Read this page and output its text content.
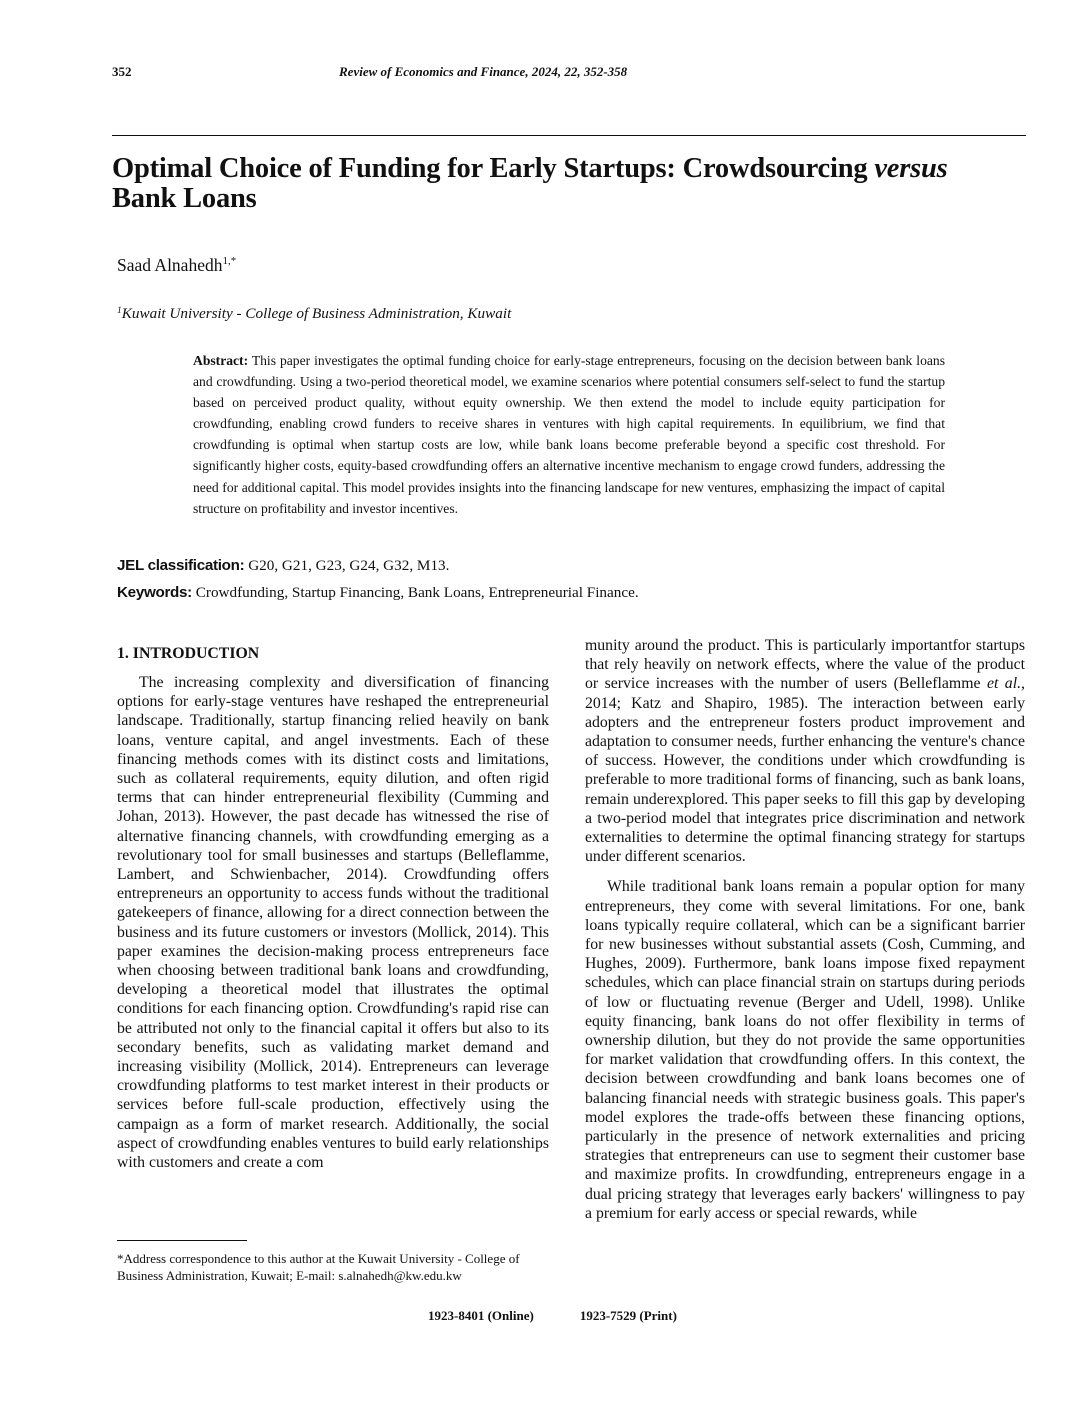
352	Review of Economics and Finance, 2024, 22, 352-358
Optimal Choice of Funding for Early Startups: Crowdsourcing versus
Bank Loans
Saad Alnahedh$^{1,*}$
$^1$Kuwait University - College of Business Administration, Kuwait
Abstract: This paper investigates the optimal funding choice for early-stage entrepreneurs, focusing on the decision between bank loans and crowdfunding. Using a two-period theoretical model, we examine scenarios where potential consumers self-select to fund the startup based on perceived product quality, without equity ownership. We then extend the model to include equity participation for crowdfunding, enabling crowd funders to receive shares in ventures with high capital requirements. In equilibrium, we find that crowdfunding is optimal when startup costs are low, while bank loans become preferable beyond a specific cost threshold. For significantly higher costs, equity-based crowdfunding offers an alternative incentive mechanism to engage crowd funders, addressing the need for additional capital. This model provides insights into the financing landscape for new ventures, emphasizing the impact of capital structure on profitability and investor incentives.
JEL classification: G20, G21, G23, G24, G32, M13.
Keywords: Crowdfunding, Startup Financing, Bank Loans, Entrepreneurial Finance.
1. INTRODUCTION

The increasing complexity and diversification of financing options for early-stage ventures have reshaped the entrepreneurial landscape. Traditionally, startup financing relied heavily on bank loans, venture capital, and angel investments. Each of these financing methods comes with its distinct costs and limitations, such as collateral requirements, equity dilution, and often rigid terms that can hinder entrepreneurial flexibility (Cumming and Johan, 2013). However, the past decade has witnessed the rise of alternative financing channels, with crowdfunding emerging as a revolutionary tool for small businesses and startups (Belleflamme, Lambert, and Schwienbacher, 2014). Crowdfunding offers entrepreneurs an opportunity to access funds without the traditional gatekeepers of finance, allowing for a direct connection between the business and its future customers or investors (Mollick, 2014). This paper examines the decision-making process entrepreneurs face when choosing between traditional bank loans and crowdfunding, developing a theoretical model that illustrates the optimal conditions for each financing option. Crowdfunding's rapid rise can be attributed not only to the financial capital it offers but also to its secondary benefits, such as validating market demand and increasing visibility (Mollick, 2014). Entrepreneurs can leverage crowdfunding platforms to test market interest in their products or services before full-scale production, effectively using the campaign as a form of market research. Additionally, the social aspect of crowdfunding enables ventures to build early relationships with customers and create a com

munity around the product. This is particularly importantfor startups that rely heavily on network effects, where the value of the product or service increases with the number of users (Belleflamme et al., 2014; Katz and Shapiro, 1985). The interaction between early adopters and the entrepreneur fosters product improvement and adaptation to consumer needs, further enhancing the venture's chance of success. However, the conditions under which crowdfunding is preferable to more traditional forms of financing, such as bank loans, remain underexplored. This paper seeks to fill this gap by developing a two-period model that integrates price discrimination and network externalities to determine the optimal financing strategy for startups under different scenarios.

While traditional bank loans remain a popular option for many entrepreneurs, they come with several limitations. For one, bank loans typically require collateral, which can be a significant barrier for new businesses without substantial assets (Cosh, Cumming, and Hughes, 2009). Furthermore, bank loans impose fixed repayment schedules, which can place financial strain on startups during periods of low or fluctuating revenue (Berger and Udell, 1998). Unlike equity financing, bank loans do not offer flexibility in terms of ownership dilution, but they do not provide the same opportunities for market validation that crowdfunding offers. In this context, the decision between crowdfunding and bank loans becomes one of balancing financial needs with strategic business goals. This paper's model explores the trade-offs between these financing options, particularly in the presence of network externalities and pricing strategies that entrepreneurs can use to segment their customer base and maximize profits. In crowdfunding, entrepreneurs engage in a dual pricing strategy that leverages early backers' willingness to pay a premium for early access or special rewards, while

*Address correspondence to this author at the Kuwait University - College of Business Administration, Kuwait; E-mail: s.alnahedh@kw.edu.kw
1923-8401 (Online)	1923-7529 (Print)
